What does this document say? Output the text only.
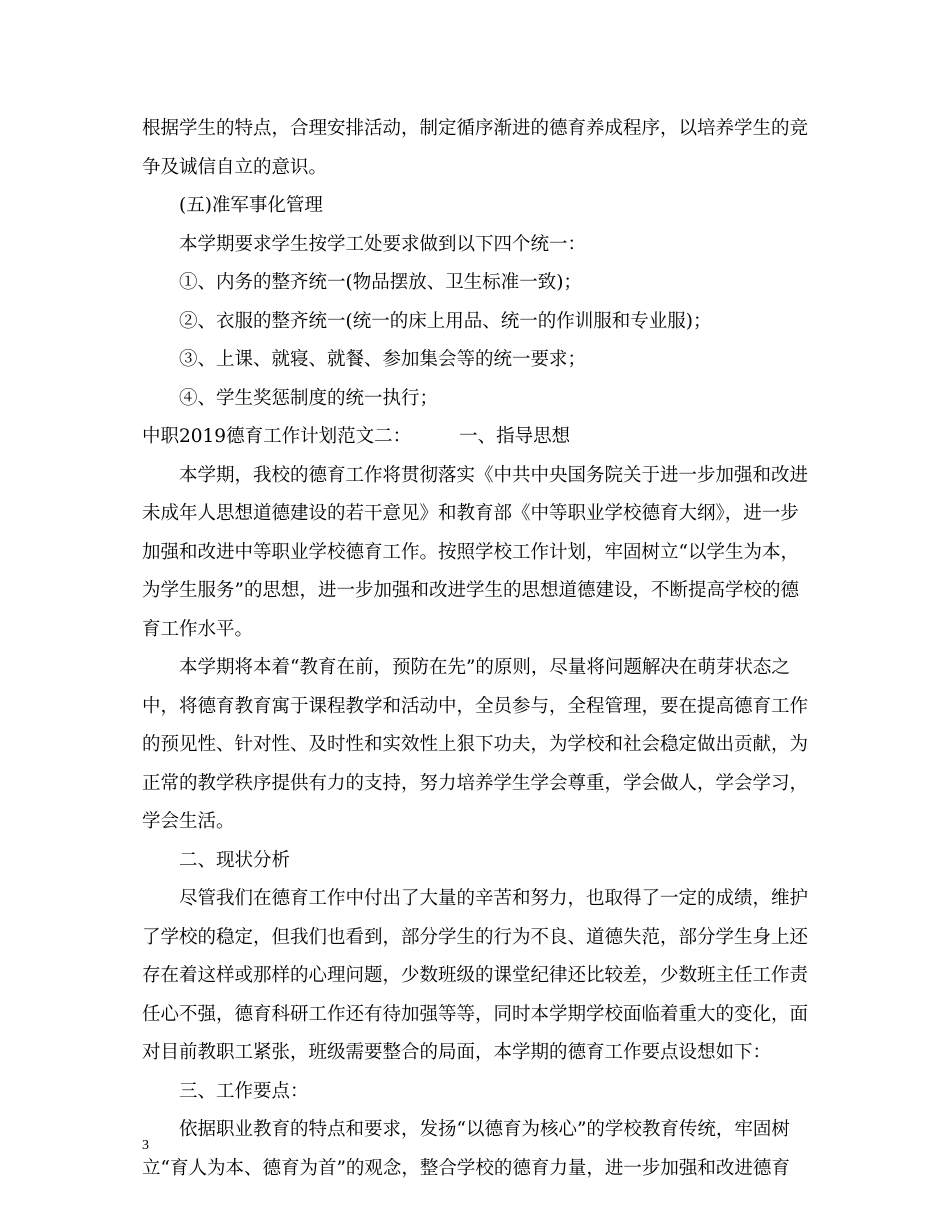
根据学生的特点，合理安排活动，制定循序渐进的德育养成程序，以培养学生的竞
争及诚信自立的意识。
(五)准军事化管理
本学期要求学生按学工处要求做到以下四个统一：
①、内务的整齐统一(物品摆放、卫生标准一致)；
②、衣服的整齐统一(统一的床上用品、统一的作训服和专业服)；
③、上课、就寝、就餐、参加集会等的统一要求；
④、学生奖惩制度的统一执行；
中职2019德育工作计划范文二：	一、指导思想
本学期，我校的德育工作将贯彻落实《中共中央国务院关于进一步加强和改进
未成年人思想道德建设的若干意见》和教育部《中等职业学校德育大纲》，进一步
加强和改进中等职业学校德育工作。按照学校工作计划，牢固树立“以学生为本，
为学生服务”的思想，进一步加强和改进学生的思想道德建设，不断提高学校的德
育工作水平。
本学期将本着“教育在前，预防在先”的原则，尽量将问题解决在萌芽状态之
中，将德育教育寓于课程教学和活动中，全员参与，全程管理，要在提高德育工作
的预见性、针对性、及时性和实效性上狠下功夫，为学校和社会稳定做出贡献，为
正常的教学秩序提供有力的支持，努力培养学生学会尊重，学会做人，学会学习，
学会生活。
二、现状分析
尽管我们在德育工作中付出了大量的辛苦和努力，也取得了一定的成绩，维护
了学校的稳定，但我们也看到，部分学生的行为不良、道德失范，部分学生身上还
存在着这样或那样的心理问题，少数班级的课堂纪律还比较差，少数班主任工作责
任心不强，德育科研工作还有待加强等等，同时本学期学校面临着重大的变化，面
对目前教职工紧张，班级需要整合的局面，本学期的德育工作要点设想如下：
三、工作要点：
依据职业教育的特点和要求，发扬“以德育为核心”的学校教育传统，牢固树
立“育人为本、德育为首”的观念，整合学校的德育力量，进一步加强和改进德育
3
